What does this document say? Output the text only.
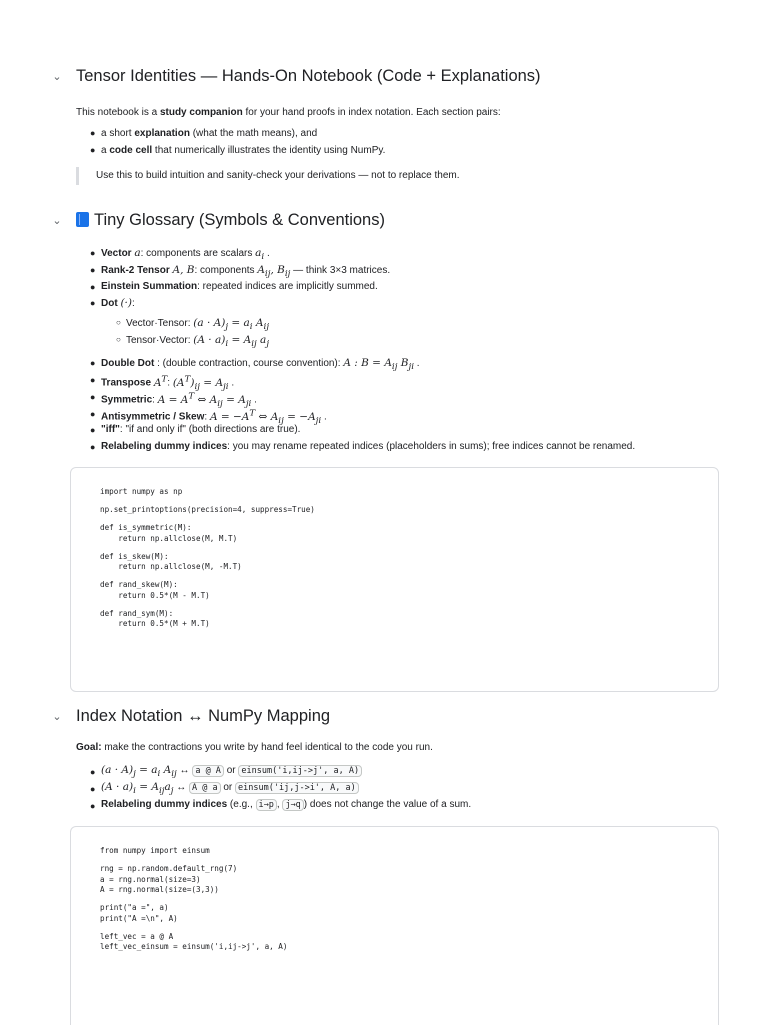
⌄ Tensor Identities — Hands-On Notebook (Code + Explanations)
This notebook is a study companion for your hand proofs in index notation. Each section pairs:
● a short explanation (what the math means), and
● a code cell that numerically illustrates the identity using NumPy.
Use this to build intuition and sanity-check your derivations — not to replace them.
⌄	Tiny Glossary (Symbols & Conventions)
● Vector a: components are scalars $a_i$ .
● Rank-2 Tensor A, B: components $A_{ij}$, $B_{ij}$ — think 3×3 matrices.
● Einstein Summation: repeated indices are implicitly summed.
● Dot (·):
○ Vector·Tensor: $(a \cdot A)_j = a_i$ $A_{ij}$
○ Tensor·Vector: $(A \cdot a)_i = A_{ij}$ $a_j$
● Double Dot : (double contraction, course convention): A : $B = A_{ij}$ $B_{ji}$ .
● Transpose $A^T$: $(A^T)_{ij} = A_{ji}$ .
● Symmetric: $A = A^T$ ⇔ $A_{ij} = A_{ji}$ .
● Antisymmetric / Skew: $A = -A^T$ ⇔ $A_{ij} = -A_{ji}$ .
● "iff": "if and only if" (both directions are true).
● Relabeling dummy indices: you may rename repeated indices (placeholders in sums); free indices cannot be renamed.
import numpy as np
np.set_printoptions(precision=4, suppress=True)
def is_symmetric(M):
return np.allclose(M, M.T)
def is_skew(M):
return np.allclose(M, -M.T)
def rand_skew(M):
return 0.5*(M - M.T)
def rand_sym(M):
return 0.5*(M + M.T)
⌄ Index Notation ↔ NumPy Mapping
Goal: make the contractions you write by hand feel identical to the code you run.
● $(a \cdot A)_j = a_i$ $A_{ij}$ ↔ a @ A or einsum('i,ij->j', a, A)
● $(A \cdot a)_i = A_{ij}a_j$ ↔ A @ a or einsum('ij,j->i', A, a)
● Relabeling dummy indices (e.g., i→p , j→q ) does not change the value of a sum.
from numpy import einsum
rng = np.random.default_rng(7)
a = rng.normal(size=3)
A = rng.normal(size=(3,3))
print("a =", a)
print("A =\n", A)
left_vec = a @ A
left_vec_einsum = einsum('i,ij->j', a, A)
